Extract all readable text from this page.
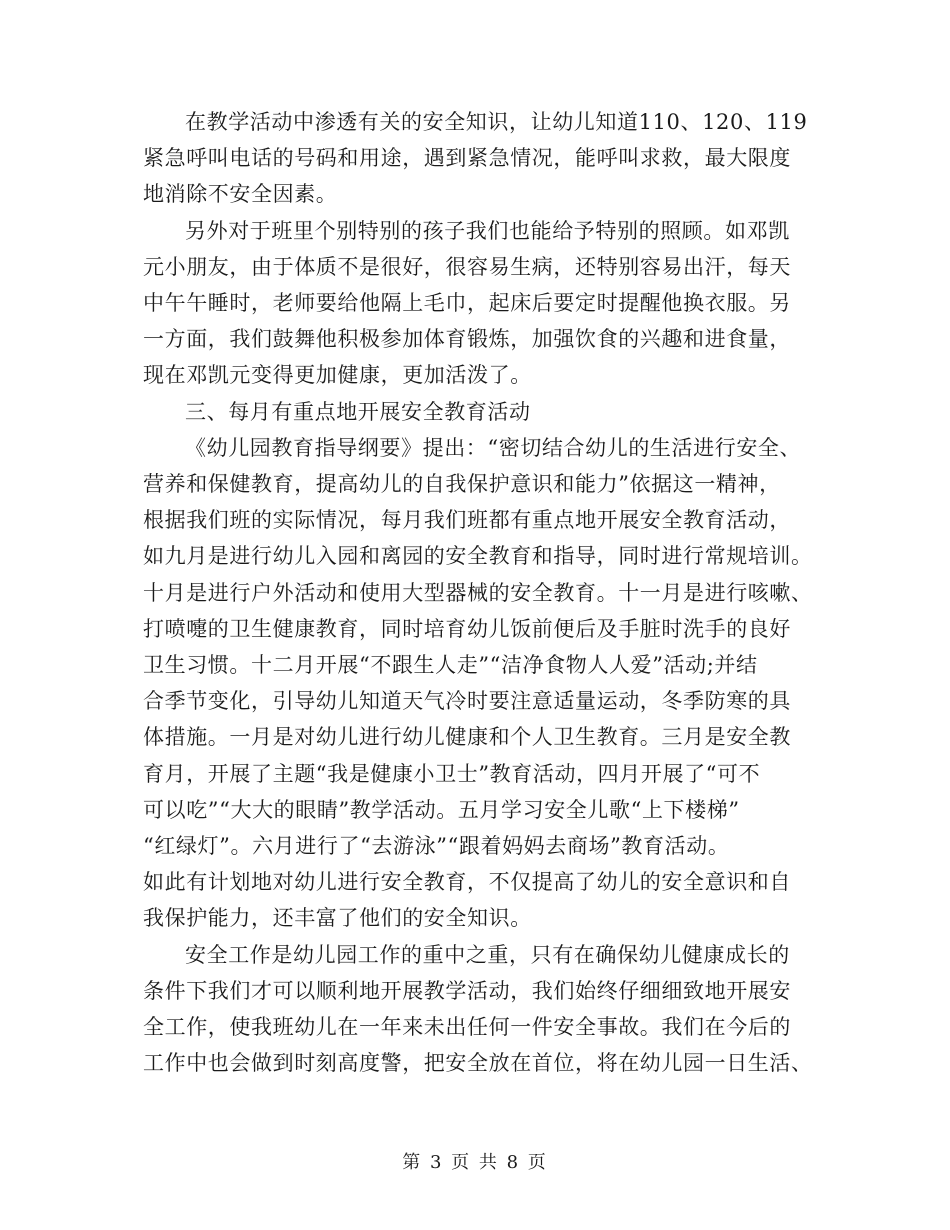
在教学活动中渗透有关的安全知识，让幼儿知道110、120、119
紧急呼叫电话的号码和用途，遇到紧急情况，能呼叫求救，最大限度
地消除不安全因素。

另外对于班里个别特别的孩子我们也能给予特别的照顾。如邓凯
元小朋友，由于体质不是很好，很容易生病，还特别容易出汗，每天
中午午睡时，老师要给他隔上毛巾，起床后要定时提醒他换衣服。另
一方面，我们鼓舞他积极参加体育锻炼，加强饮食的兴趣和进食量，
现在邓凯元变得更加健康，更加活泼了。

三、每月有重点地开展安全教育活动

《幼儿园教育指导纲要》提出：“密切结合幼儿的生活进行安全、
营养和保健教育，提高幼儿的自我保护意识和能力”依据这一精神，
根据我们班的实际情况，每月我们班都有重点地开展安全教育活动，
如九月是进行幼儿入园和离园的安全教育和指导，同时进行常规培训。
十月是进行户外活动和使用大型器械的安全教育。十一月是进行咳嗽、
打喷嚏的卫生健康教育，同时培育幼儿饭前便后及手脏时洗手的良好
卫生习惯。十二月开展“不跟生人走”“洁净食物人人爱”活动;并结
合季节变化，引导幼儿知道天气冷时要注意适量运动，冬季防寒的具
体措施。一月是对幼儿进行幼儿健康和个人卫生教育。三月是安全教
育月，开展了主题“我是健康小卫士”教育活动，四月开展了“可不
可以吃”“大大的眼睛”教学活动。五月学习安全儿歌“上下楼梯”
“红绿灯”。六月进行了“去游泳”“跟着妈妈去商场”教育活动。
如此有计划地对幼儿进行安全教育，不仅提高了幼儿的安全意识和自
我保护能力，还丰富了他们的安全知识。

安全工作是幼儿园工作的重中之重，只有在确保幼儿健康成长的
条件下我们才可以顺利地开展教学活动，我们始终仔细细致地开展安
全工作，使我班幼儿在一年来未出任何一件安全事故。我们在今后的
工作中也会做到时刻高度警，把安全放在首位，将在幼儿园一日生活、

第 3 页 共 8 页
